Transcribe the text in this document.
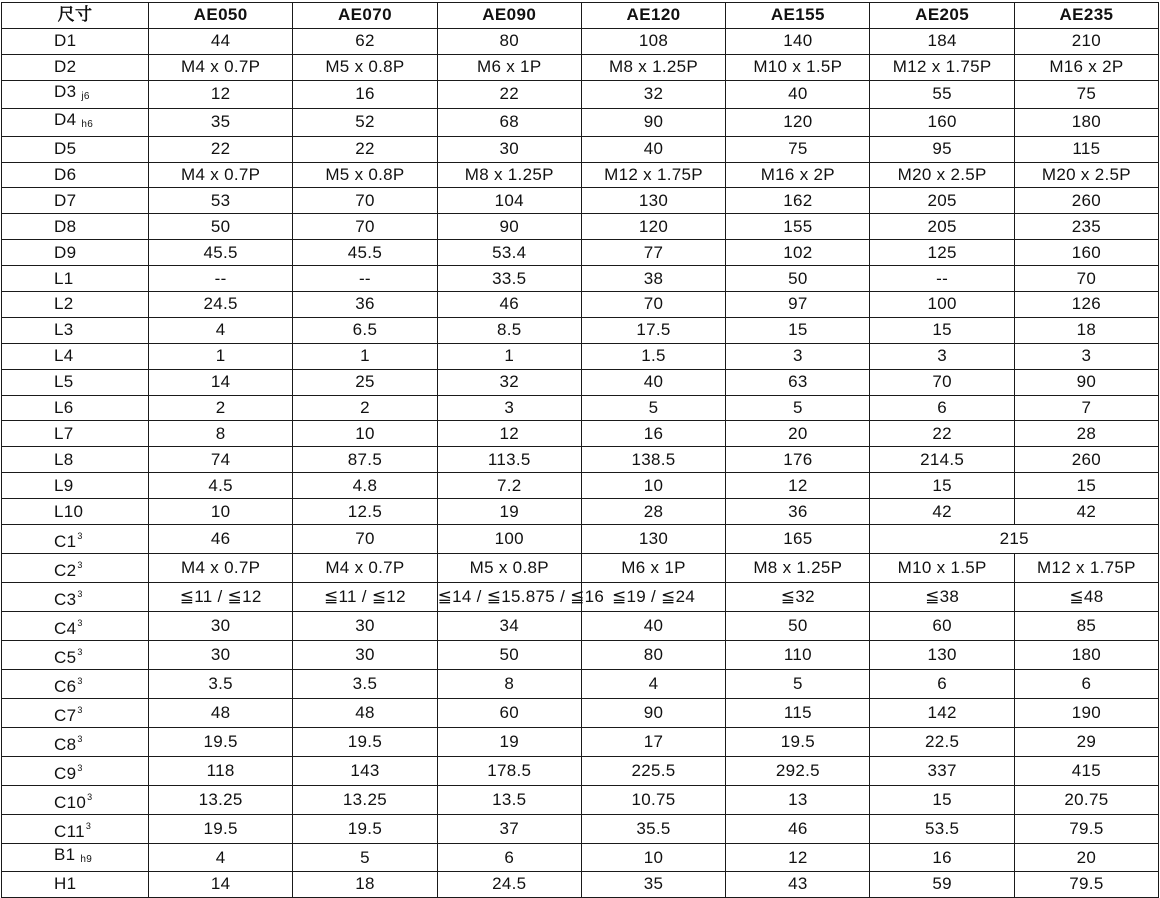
尺寸	AE050	AE070	AE090	AE120	AE155	AE205	AE235
D1	44	62	80	108	140	184	210
D2	M4 x 0.7P	M5 x 0.8P	M6 x 1P	M8 x 1.25P	M10 x 1.5P	M12 x 1.75P	M16 x 2P
D3 j6	12	16	22	32	40	55	75
D4 h6	35	52	68	90	120	160	180
D5	22	22	30	40	75	95	115
D6	M4 x 0.7P	M5 x 0.8P	M8 x 1.25P	M12 x 1.75P	M16 x 2P	M20 x 2.5P	M20 x 2.5P
D7	53	70	104	130	162	205	260
D8	50	70	90	120	155	205	235
D9	45.5	45.5	53.4	77	102	125	160
L1	--	--	33.5	38	50	--	70
L2	24.5	36	46	70	97	100	126
L3	4	6.5	8.5	17.5	15	15	18
L4	1	1	1	1.5	3	3	3
L5	14	25	32	40	63	70	90
L6	2	2	3	5	5	6	7
L7	8	10	12	16	20	22	28
L8	74	87.5	113.5	138.5	176	214.5	260
L9	4.5	4.8	7.2	10	12	15	15
L10	10	12.5	19	28	36	42	42
$C1^3$	46	70	100	130	165	215	
$C2^3$	M4 x 0.7P	M4 x 0.7P	M5 x 0.8P	M6 x 1P	M8 x 1.25P	M10 x 1.5P	M12 x 1.75P
$C3^3$	≦11 / ≦12	≦11 / ≦12	≦14 / ≦15.875 / ≦16	≦19 / ≦24	≦32	≦38	≦48
$C4^3$	30	30	34	40	50	60	85
$C5^3$	30	30	50	80	110	130	180
$C6^3$	3.5	3.5	8	4	5	6	6
$C7^3$	48	48	60	90	115	142	190
$C8^3$	19.5	19.5	19	17	19.5	22.5	29
$C9^3$	118	143	178.5	225.5	292.5	337	415
$C10^3$	13.25	13.25	13.5	10.75	13	15	20.75
$C11^3$	19.5	19.5	37	35.5	46	53.5	79.5
B1 h9	4	5	6	10	12	16	20
H1	14	18	24.5	35	43	59	79.5
